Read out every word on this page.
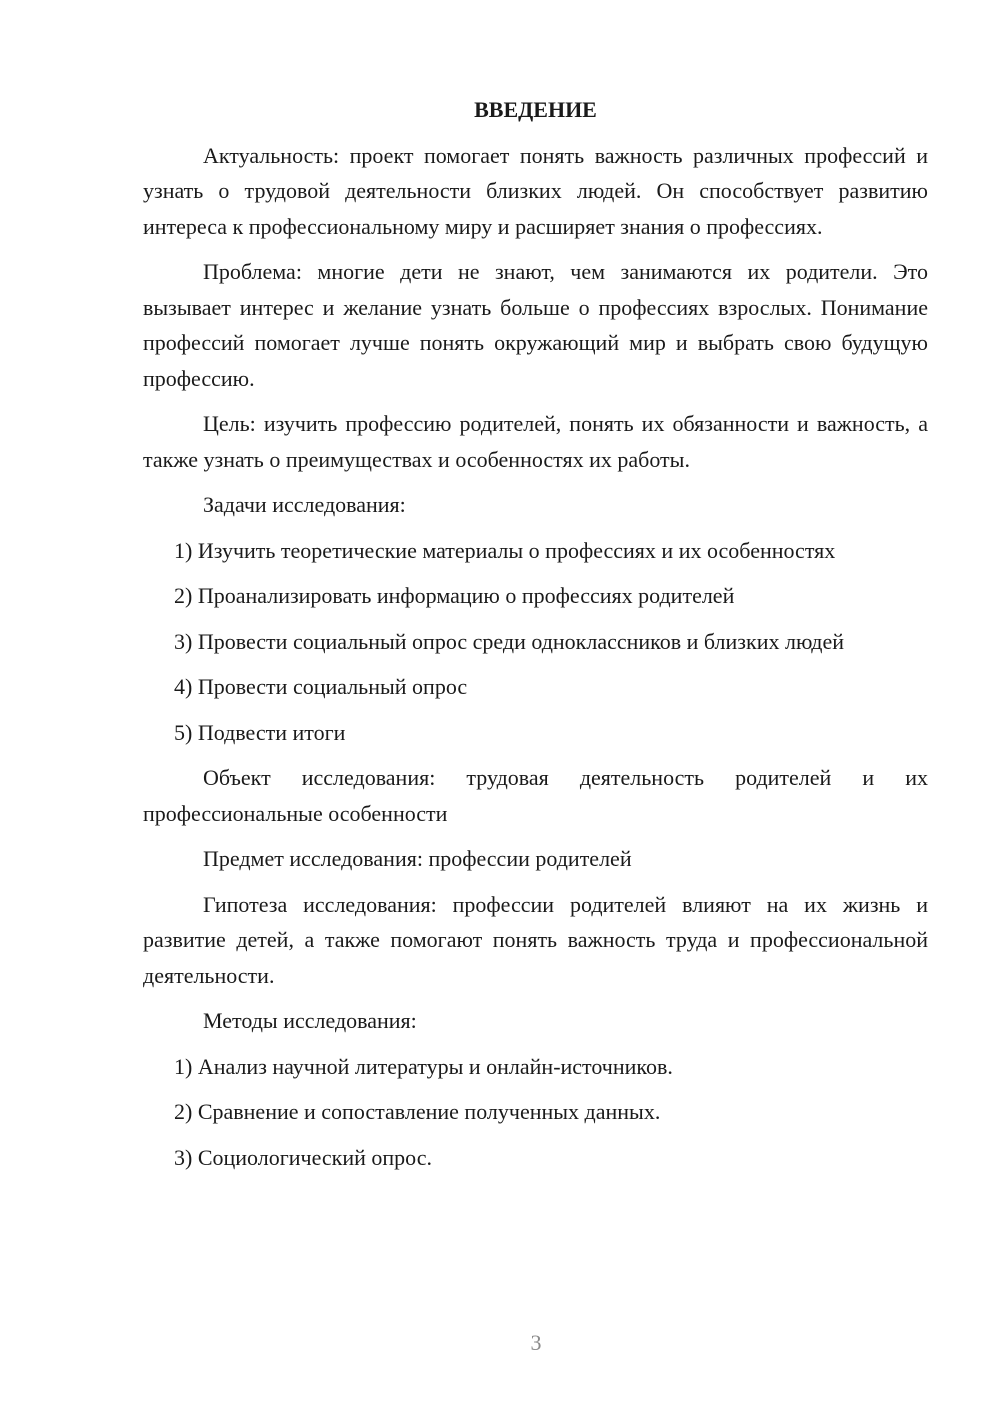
ВВЕДЕНИЕ

Актуальность: проект помогает понять важность различных профессий и узнать о трудовой деятельности близких людей. Он способствует развитию интереса к профессиональному миру и расширяет знания о профессиях.

Проблема: многие дети не знают, чем занимаются их родители. Это вызывает интерес и желание узнать больше о профессиях взрослых. Понимание профессий помогает лучше понять окружающий мир и выбрать свою будущую профессию.

Цель: изучить профессию родителей, понять их обязанности и важность, а также узнать о преимуществах и особенностях их работы.

Задачи исследования:

1) Изучить теоретические материалы о профессиях и их особенностях

2) Проанализировать информацию о профессиях родителей

3) Провести социальный опрос среди одноклассников и близких людей

4) Провести социальный опрос

5) Подвести итоги

Объект исследования: трудовая деятельность родителей и их профессиональные особенности

Предмет исследования: профессии родителей

Гипотеза исследования: профессии родителей влияют на их жизнь и развитие детей, а также помогают понять важность труда и профессиональной деятельности.

Методы исследования:

1) Анализ научной литературы и онлайн-источников.

2) Сравнение и сопоставление полученных данных.

3) Социологический опрос.

3
